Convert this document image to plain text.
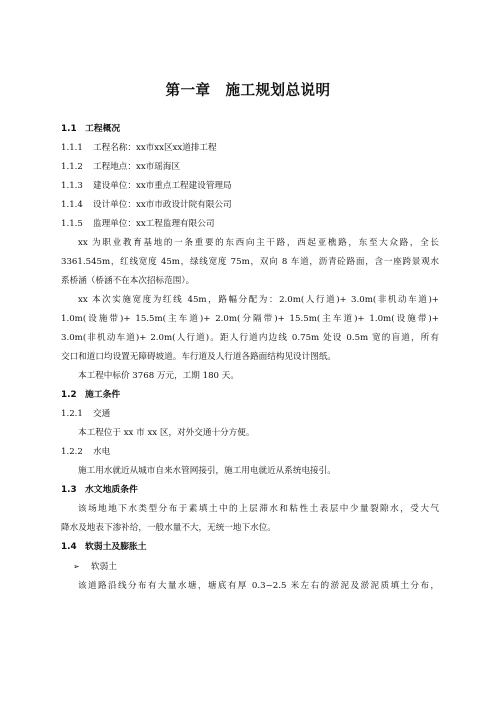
第一章　施工规划总说明
1.1 工程概况
1.1.1 工程名称：xx市xx区xx道排工程
1.1.2 工程地点：xx市瑶海区
1.1.3 建设单位：xx市重点工程建设管理局
1.1.4 设计单位：xx市市政设计院有限公司
1.1.5 监理单位：xx工程监理有限公司
xx 为职业教育基地的一条重要的东西向主干路，西起亚樵路，东至大众路，全长
3361.545m，红线宽度 45m，绿线宽度 75m，双向 8 车道，沥青砼路面，含一座跨景观水
系桥涵（桥涵不在本次招标范围）。
xx 本次实施宽度为红线 45m，路幅分配为：2.0m(人行道)+ 3.0m(非机动车道)+
1.0m(设施带)+ 15.5m(主车道)+ 2.0m(分隔带)+ 15.5m(主车道)+ 1.0m(设施带)+
3.0m(非机动车道)+ 2.0m(人行道)。距人行道内边线 0.75m 处设 0.5m 宽的盲道，所有
交口和道口均设置无障碍坡道。车行道及人行道各路面结构见设计图纸。
本工程中标价 3768 万元，工期 180 天。
1.2 施工条件
1.2.1 交通
本工程位于 xx 市 xx 区，对外交通十分方便。
1.2.2 水电
施工用水就近从城市自来水管网接引，施工用电就近从系统电接引。
1.3 水文地质条件
该场地地下水类型分布于素填土中的上层滞水和粘性土表层中少量裂隙水，受大气
降水及地表下渗补给，一般水量不大，无统一地下水位。
1.4 软弱土及膨胀土
➢ 软弱土
该道路沿线分布有大量水塘，塘底有厚 0.3~2.5 米左右的淤泥及淤泥质填土分布，
